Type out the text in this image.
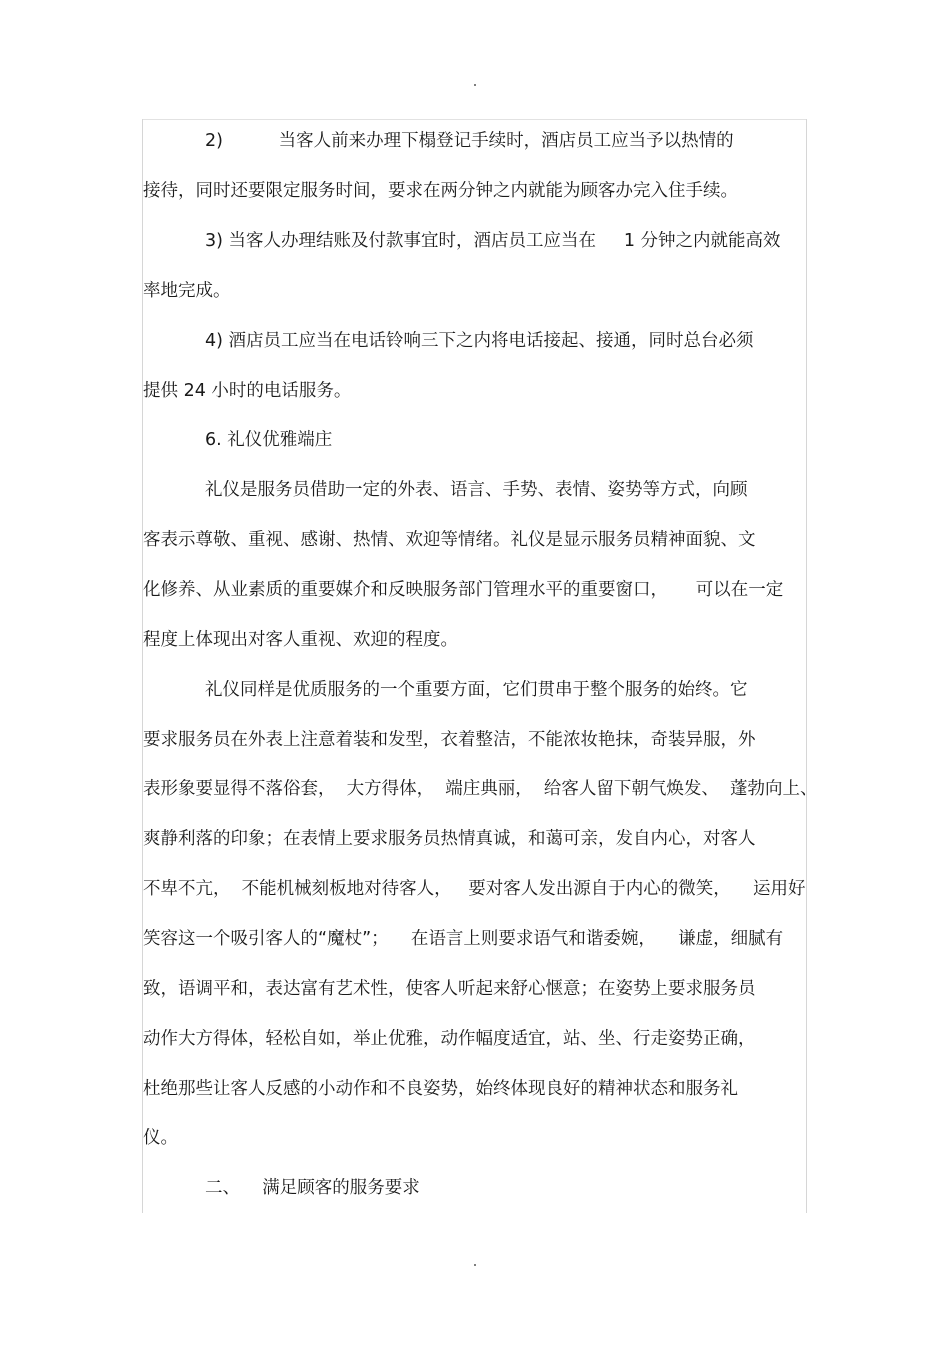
2)          当客人前来办理下榻登记手续时，酒店员工应当予以热情的
接待，同时还要限定服务时间，要求在两分钟之内就能为顾客办完入住手续。
3) 当客人办理结账及付款事宜时，酒店员工应当在     1 分钟之内就能高效
率地完成。
4) 酒店员工应当在电话铃响三下之内将电话接起、接通，同时总台必须
提供 24 小时的电话服务。
6. 礼仪优雅端庄
礼仪是服务员借助一定的外表、语言、手势、表情、姿势等方式，向顾
客表示尊敬、重视、感谢、热情、欢迎等情绪。礼仪是显示服务员精神面貌、文
化修养、从业素质的重要媒介和反映服务部门管理水平的重要窗口，     可以在一定
程度上体现出对客人重视、欢迎的程度。
礼仪同样是优质服务的一个重要方面，它们贯串于整个服务的始终。它
要求服务员在外表上注意着装和发型，衣着整洁，不能浓妆艳抹，奇装异服，外
表形象要显得不落俗套，  大方得体，  端庄典丽，  给客人留下朝气焕发、  蓬勃向上、
爽静利落的印象；在表情上要求服务员热情真诚，和蔼可亲，发自内心，对客人
不卑不亢，  不能机械刻板地对待客人，   要对客人发出源自于内心的微笑，    运用好
笑容这一个吸引客人的“魔杖”；    在语言上则要求语气和谐委婉，    谦虚，细腻有
致，语调平和，表达富有艺术性，使客人听起来舒心惬意；在姿势上要求服务员
动作大方得体，轻松自如，举止优雅，动作幅度适宜，站、坐、行走姿势正确，
杜绝那些让客人反感的小动作和不良姿势，始终体现良好的精神状态和服务礼
仪。
二、    满足顾客的服务要求
